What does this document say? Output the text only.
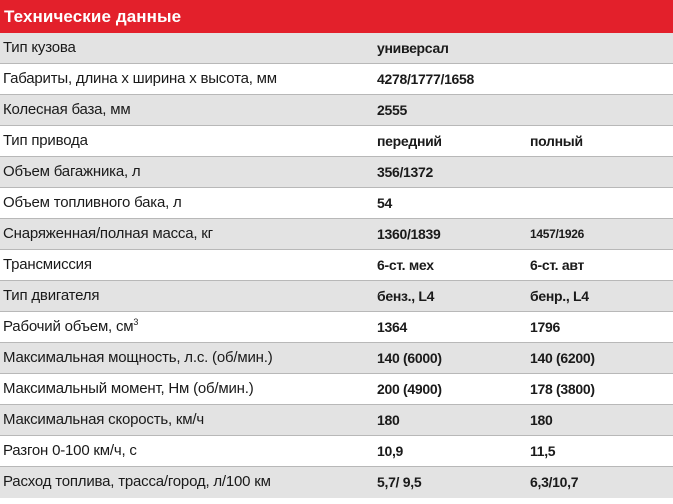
Технические данные
Тип кузова	универсал
Габариты, длина х ширина х высота, мм	4278/1777/1658
Колесная база, мм	2555
Тип привода	передний	полный
Объем багажника, л	356/1372
Объем топливного бака, л	54
Снаряженная/полная масса, кг	1360/1839	1457/1926
Трансмиссия	6-ст. мех	6-ст. авт
Тип двигателя	бенз., L4	бенр., L4
Рабочий объем, $см^3$	1364	1796
Максимальная мощность, л.с. (об/мин.)	140 (6000)	140 (6200)
Максимальный момент, Нм (об/мин.)	200 (4900)	178 (3800)
Максимальная скорость, км/ч	180	180
Разгон 0-100 км/ч, с	10,9	11,5
Расход топлива, трасса/город, л/100 км	5,7/ 9,5	6,3/10,7
